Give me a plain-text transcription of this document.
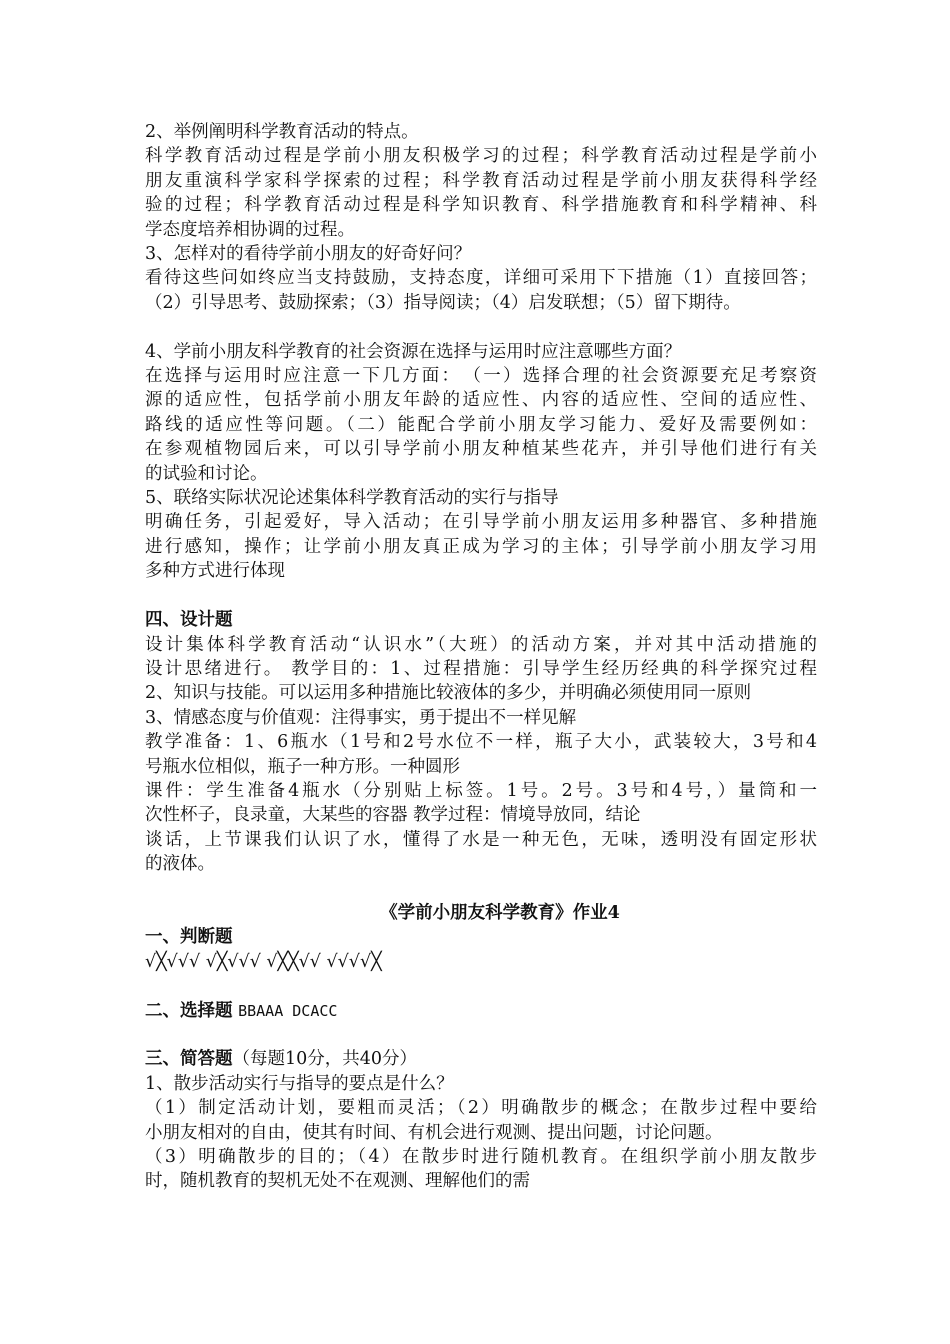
2、举例阐明科学教育活动的特点。

科学教育活动过程是学前小朋友积极学习的过程；科学教育活动过程是学前小

朋友重演科学家科学探索的过程；科学教育活动过程是学前小朋友获得科学经

验的过程；科学教育活动过程是科学知识教育、科学措施教育和科学精神、科

学态度培养相协调的过程。

3、怎样对的看待学前小朋友的好奇好问？

看待这些问如终应当支持鼓励，支持态度，详细可采用下下措施（1）直接回答；

（2）引导思考、鼓励探索；（3）指导阅读；（4）启发联想；（5）留下期待。

4、学前小朋友科学教育的社会资源在选择与运用时应注意哪些方面？

在选择与运用时应注意一下几方面：　（一）选择合理的社会资源要充足考察资

源的适应性，包括学前小朋友年龄的适应性、内容的适应性、空间的适应性、

路线的适应性等问题。（二）能配合学前小朋友学习能力、爱好及需要例如：

在参观植物园后来，可以引导学前小朋友种植某些花卉，并引导他们进行有关

的试验和讨论。

5、联络实际状况论述集体科学教育活动的实行与指导

明确任务，引起爱好，导入活动；在引导学前小朋友运用多种器官、多种措施

进行感知，操作；让学前小朋友真正成为学习的主体；引导学前小朋友学习用

多种方式进行体现

四、设计题

设计集体科学教育活动“认识水”（大班）的活动方案，并对其中活动措施的

设计思绪进行。 教学目的：1、过程措施：引导学生经历经典的科学探究过程

2、知识与技能。可以运用多种措施比较液体的多少，并明确必须使用同一原则

3、情感态度与价值观：注得事实，勇于提出不一样见解

教学准备：1、6瓶水（1号和2号水位不一样，瓶子大小，武装较大，3号和4

号瓶水位相似，瓶子一种方形。一种圆形

课件：学生准备4瓶水（分别贴上标签。1号。2号。3号和4号，）量筒和一

次性杯子，良录童，大某些的容器 教学过程：情境导放同，结论

谈话，上节课我们认识了水，懂得了水是一种无色，无味，透明没有固定形状

的液体。

《学前小朋友科学教育》作业4

一、判断题

√╳√√√ √╳√√√ √╳╳√√ √√√√╳

二、选择题 BBAAA DCACC

三、简答题（每题10分，共40分）

1、散步活动实行与指导的要点是什么？

（1）制定活动计划，要粗而灵活；（2）明确散步的概念；在散步过程中要给

小朋友相对的自由，使其有时间、有机会进行观测、提出问题，讨论问题。

（3）明确散步的目的；（4）在散步时进行随机教育。在组织学前小朋友散步

时，随机教育的契机无处不在观测、理解他们的需
